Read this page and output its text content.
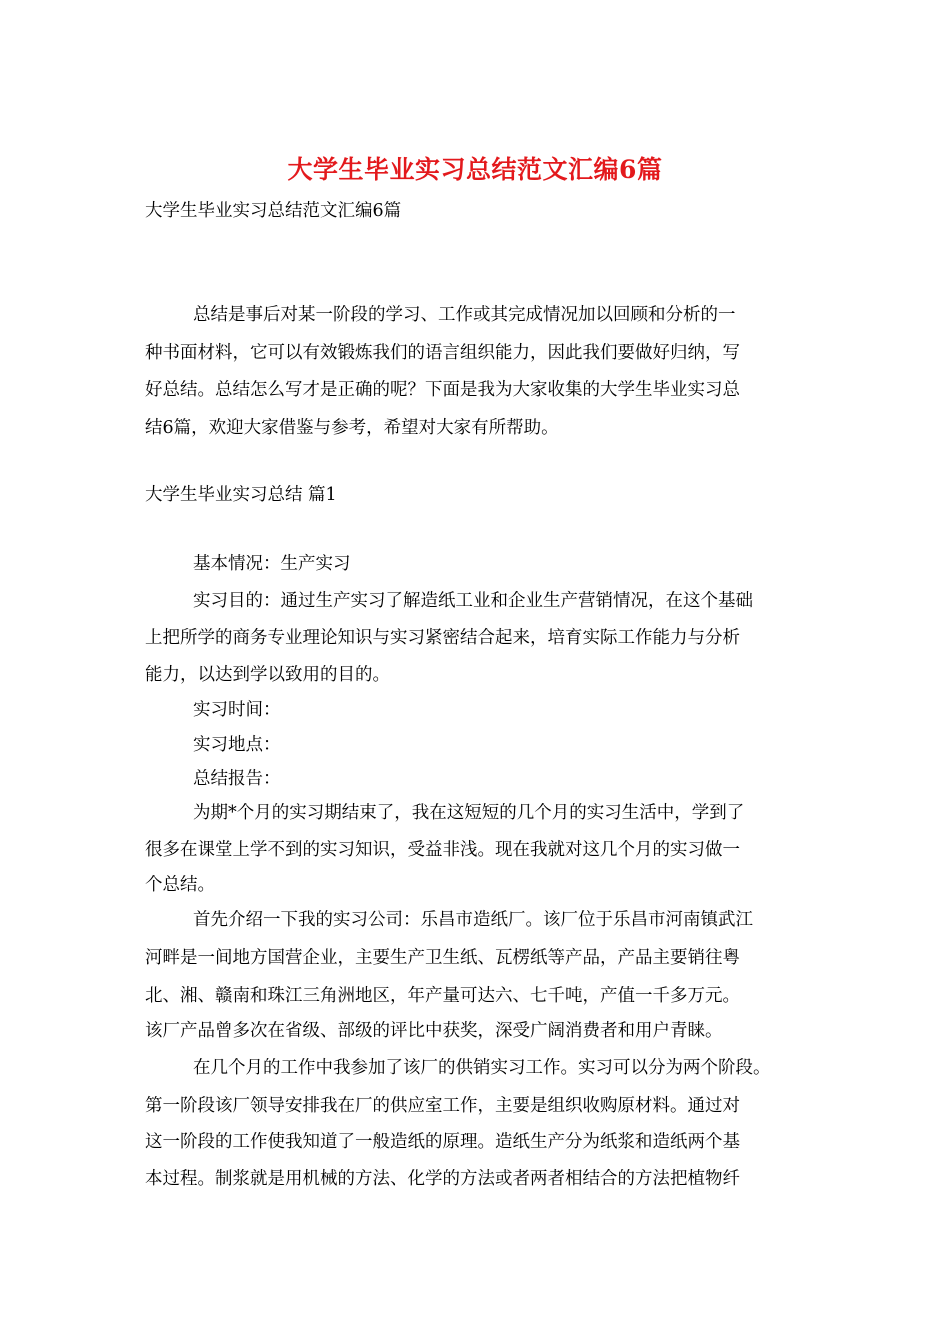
大学生毕业实习总结范文汇编6篇
大学生毕业实习总结范文汇编6篇
总结是事后对某一阶段的学习、工作或其完成情况加以回顾和分析的一
种书面材料，它可以有效锻炼我们的语言组织能力，因此我们要做好归纳，写
好总结。总结怎么写才是正确的呢？下面是我为大家收集的大学生毕业实习总
结6篇，欢迎大家借鉴与参考，希望对大家有所帮助。
大学生毕业实习总结 篇1
基本情况：生产实习
实习目的：通过生产实习了解造纸工业和企业生产营销情况，在这个基础
上把所学的商务专业理论知识与实习紧密结合起来，培育实际工作能力与分析
能力，以达到学以致用的目的。
实习时间：
实习地点：
总结报告：
为期*个月的实习期结束了，我在这短短的几个月的实习生活中，学到了
很多在课堂上学不到的实习知识，受益非浅。现在我就对这几个月的实习做一
个总结。
首先介绍一下我的实习公司：乐昌市造纸厂。该厂位于乐昌市河南镇武江
河畔是一间地方国营企业，主要生产卫生纸、瓦楞纸等产品，产品主要销往粤
北、湘、赣南和珠江三角洲地区，年产量可达六、七千吨，产值一千多万元。
该厂产品曾多次在省级、部级的评比中获奖，深受广阔消费者和用户青睐。
在几个月的工作中我参加了该厂的供销实习工作。实习可以分为两个阶段。
第一阶段该厂领导安排我在厂的供应室工作，主要是组织收购原材料。通过对
这一阶段的工作使我知道了一般造纸的原理。造纸生产分为纸浆和造纸两个基
本过程。制浆就是用机械的方法、化学的方法或者两者相结合的方法把植物纤
